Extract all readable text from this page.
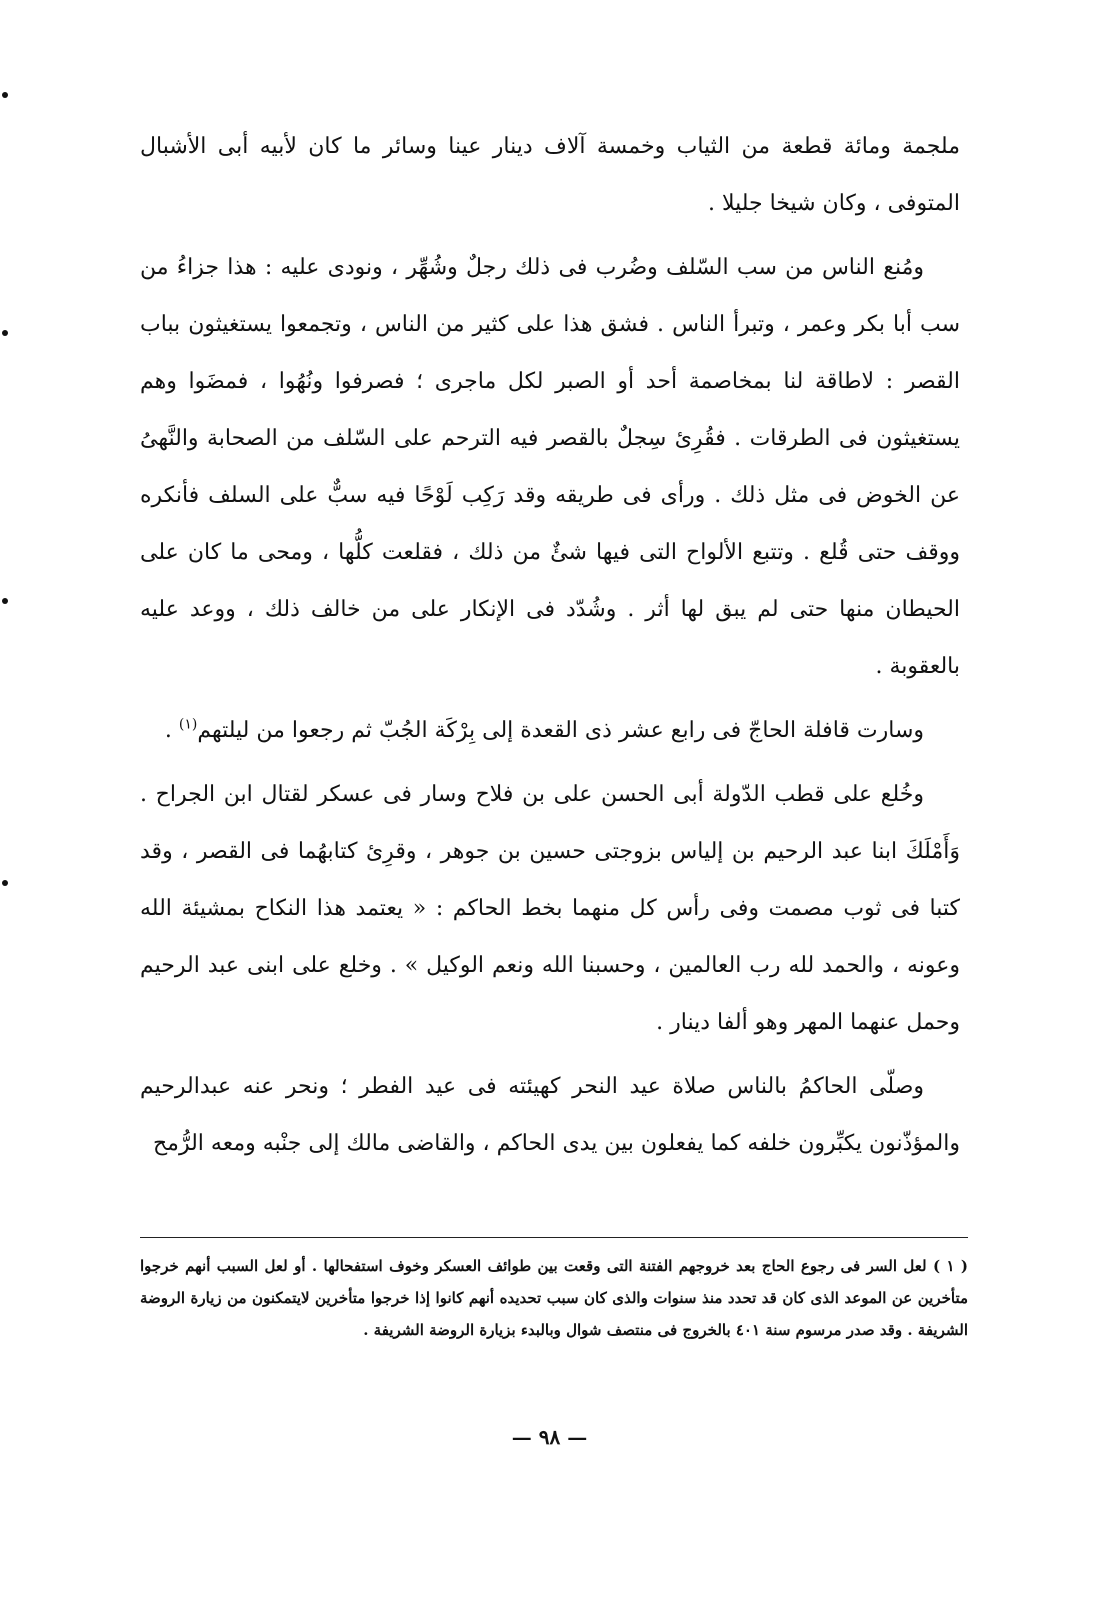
ملجمة ومائة قطعة من الثياب وخمسة آلاف دينار عينا وسائر ما كان لأبيه أبى الأشبال المتوفى ، وكان شيخا جليلا .

ومُنع الناس من سب السّلف وضُرب فى ذلك رجلٌ وشُهِّر ، ونودى عليه : هذا جزاءُ من سب أبا بكر وعمر ، وتبرأ الناس . فشق هذا على كثير من الناس ، وتجمعوا يستغيثون بباب القصر : لاطاقة لنا بمخاصمة أحد أو الصبر لكل ماجرى ؛ فصرفوا ونُهُوا ، فمضَوا وهم يستغيثون فى الطرقات . فقُرِئ سِجلٌ بالقصر فيه الترحم على السّلف من الصحابة والنَّهىُ عن الخوض فى مثل ذلك . ورأى فى طريقه وقد رَكِب لَوْحًا فيه سبٌّ على السلف فأنكره ووقف حتى قُلع . وتتبع الألواح التى فيها شئٌ من ذلك ، فقلعت كلُّها ، ومحى ما كان على الحيطان منها حتى لم يبق لها أثر . وشُدّد فى الإنكار على من خالف ذلك ، ووعد عليه بالعقوبة .

وسارت قافلة الحاجّ فى رابع عشر ذى القعدة إلى بِرْكَة الجُبّ ثم رجعوا من ليلتهم$^{(١)}$ .

وخُلع على قطب الدّولة أبى الحسن على بن فلاح وسار فى عسكر لقتال ابن الجراح . وَأَمْلَكَ ابنا عبد الرحيم بن إلياس بزوجتى حسين بن جوهر ، وقرِئ كتابهُما فى القصر ، وقد كتبا فى ثوب مصمت وفى رأس كل منهما بخط الحاكم : « يعتمد هذا النكاح بمشيئة الله وعونه ، والحمد لله رب العالمين ، وحسبنا الله ونعم الوكيل » . وخلع على ابنى عبد الرحيم وحمل عنهما المهر وهو ألفا دينار .

وصلّى الحاكمُ بالناس صلاة عيد النحر كهيئته فى عيد الفطر ؛ ونحر عنه عبدالرحيم والمؤذّنون يكبِّرون خلفه كما يفعلون بين يدى الحاكم ، والقاضى مالك إلى جنْبه ومعه الرُّمح

( ١ ) لعل السر فى رجوع الحاج بعد خروجهم الفتنة التى وقعت بين طوائف العسكر وخوف استفحالها . أو لعل السبب أنهم خرجوا متأخرين عن الموعد الذى كان قد تحدد منذ سنوات والذى كان سبب تحديده أنهم كانوا إذا خرجوا متأخرين لايتمكنون من زيارة الروضة الشريفة . وقد صدر مرسوم سنة ٤٠١ بالخروج فى منتصف شوال وبالبدء بزيارة الروضة الشريفة .
— ٩٨ —
